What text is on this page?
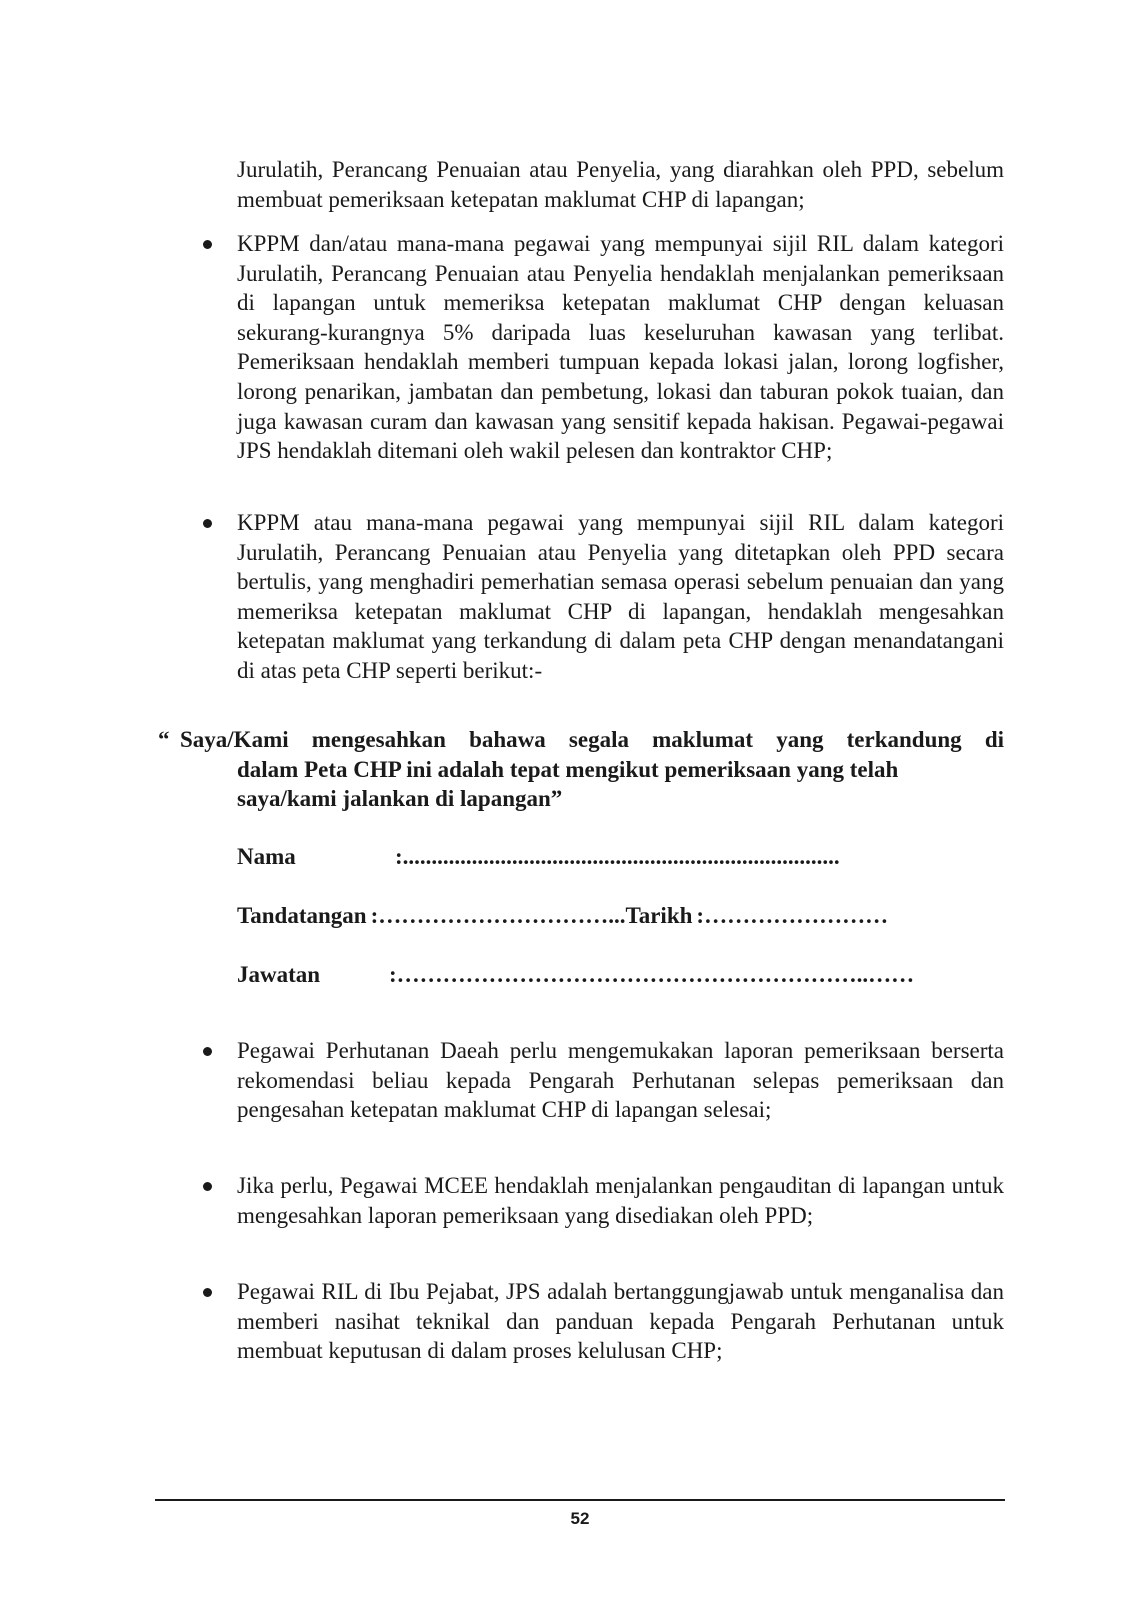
Jurulatih, Perancang Penuaian atau Penyelia, yang diarahkan oleh PPD, sebelum membuat pemeriksaan ketepatan maklumat CHP di lapangan;

KPPM dan/atau mana-mana pegawai yang mempunyai sijil RIL dalam kategori Jurulatih, Perancang Penuaian atau Penyelia hendaklah menjalankan pemeriksaan di lapangan untuk memeriksa ketepatan maklumat CHP dengan keluasan sekurang-kurangnya 5% daripada luas keseluruhan kawasan yang terlibat. Pemeriksaan hendaklah memberi tumpuan kepada lokasi jalan, lorong logfisher, lorong penarikan, jambatan dan pembetung, lokasi dan taburan pokok tuaian, dan juga kawasan curam dan kawasan yang sensitif kepada hakisan. Pegawai-pegawai JPS hendaklah ditemani oleh wakil pelesen dan kontraktor CHP;

KPPM atau mana-mana pegawai yang mempunyai sijil RIL dalam kategori Jurulatih, Perancang Penuaian atau Penyelia yang ditetapkan oleh PPD secara bertulis, yang menghadiri pemerhatian semasa operasi sebelum penuaian dan yang memeriksa ketepatan maklumat CHP di lapangan, hendaklah mengesahkan ketepatan maklumat yang terkandung di dalam peta CHP dengan menandatangani di atas peta CHP seperti berikut:-

“ Saya/Kami mengesahkan bahawa segala maklumat yang terkandung di
dalam Peta CHP ini adalah tepat mengikut pemeriksaan yang telah
saya/kami jalankan di lapangan”
Nama	:............................................................................
Tandatangan :…………………………...Tarikh :……………………
Jawatan	:……………………………………………………..……

Pegawai Perhutanan Daeah perlu mengemukakan laporan pemeriksaan berserta rekomendasi beliau kepada Pengarah Perhutanan selepas pemeriksaan dan pengesahan ketepatan maklumat CHP di lapangan selesai;

Jika perlu, Pegawai MCEE hendaklah menjalankan pengauditan di lapangan untuk mengesahkan laporan pemeriksaan yang disediakan oleh PPD;

Pegawai RIL di Ibu Pejabat, JPS adalah bertanggungjawab untuk menganalisa dan memberi nasihat teknikal dan panduan kepada Pengarah Perhutanan untuk membuat keputusan di dalam proses kelulusan CHP;

52
